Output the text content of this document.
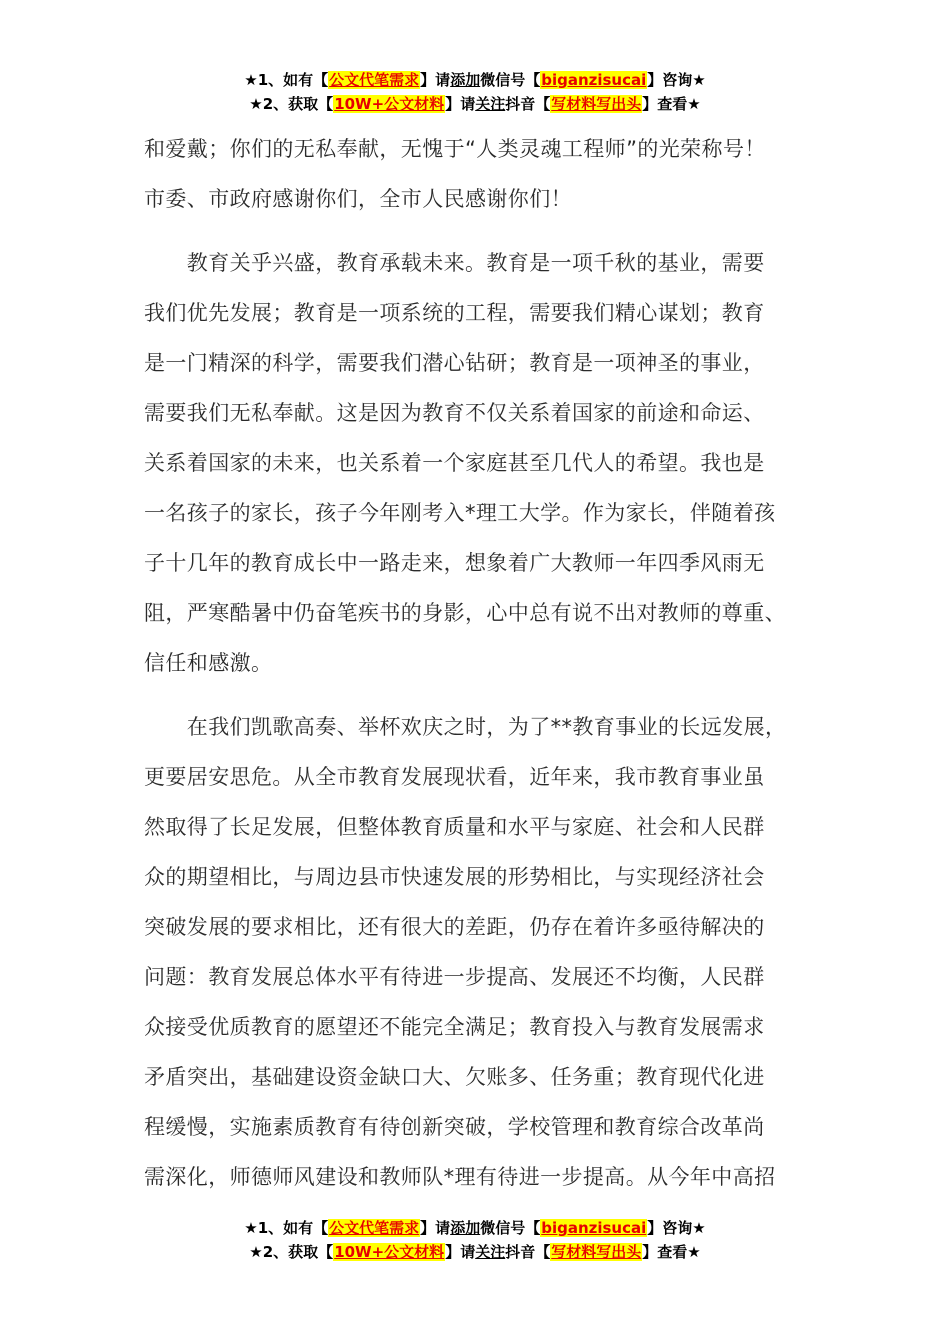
★1、如有【公文代笔需求】请添加微信号【biganzisucai】咨询★
★2、获取【10W+公文材料】请关注抖音【写材料写出头】查看★
和爱戴；你们的无私奉献，无愧于“人类灵魂工程师”的光荣称号！
市委、市政府感谢你们，全市人民感谢你们！
　　教育关乎兴盛，教育承载未来。教育是一项千秋的基业，需要
我们优先发展；教育是一项系统的工程，需要我们精心谋划；教育
是一门精深的科学，需要我们潜心钻研；教育是一项神圣的事业，
需要我们无私奉献。这是因为教育不仅关系着国家的前途和命运、
关系着国家的未来，也关系着一个家庭甚至几代人的希望。我也是
一名孩子的家长，孩子今年刚考入*理工大学。作为家长，伴随着孩
子十几年的教育成长中一路走来，想象着广大教师一年四季风雨无
阻，严寒酷暑中仍奋笔疾书的身影，心中总有说不出对教师的尊重、
信任和感激。
　　在我们凯歌高奏、举杯欢庆之时，为了**教育事业的长远发展，
更要居安思危。从全市教育发展现状看，近年来，我市教育事业虽
然取得了长足发展，但整体教育质量和水平与家庭、社会和人民群
众的期望相比，与周边县市快速发展的形势相比，与实现经济社会
突破发展的要求相比，还有很大的差距，仍存在着许多亟待解决的
问题：教育发展总体水平有待进一步提高、发展还不均衡，人民群
众接受优质教育的愿望还不能完全满足；教育投入与教育发展需求
矛盾突出，基础建设资金缺口大、欠账多、任务重；教育现代化进
程缓慢，实施素质教育有待创新突破，学校管理和教育综合改革尚
需深化，师德师风建设和教师队*理有待进一步提高。从今年中高招
★1、如有【公文代笔需求】请添加微信号【biganzisucai】咨询★
★2、获取【10W+公文材料】请关注抖音【写材料写出头】查看★
